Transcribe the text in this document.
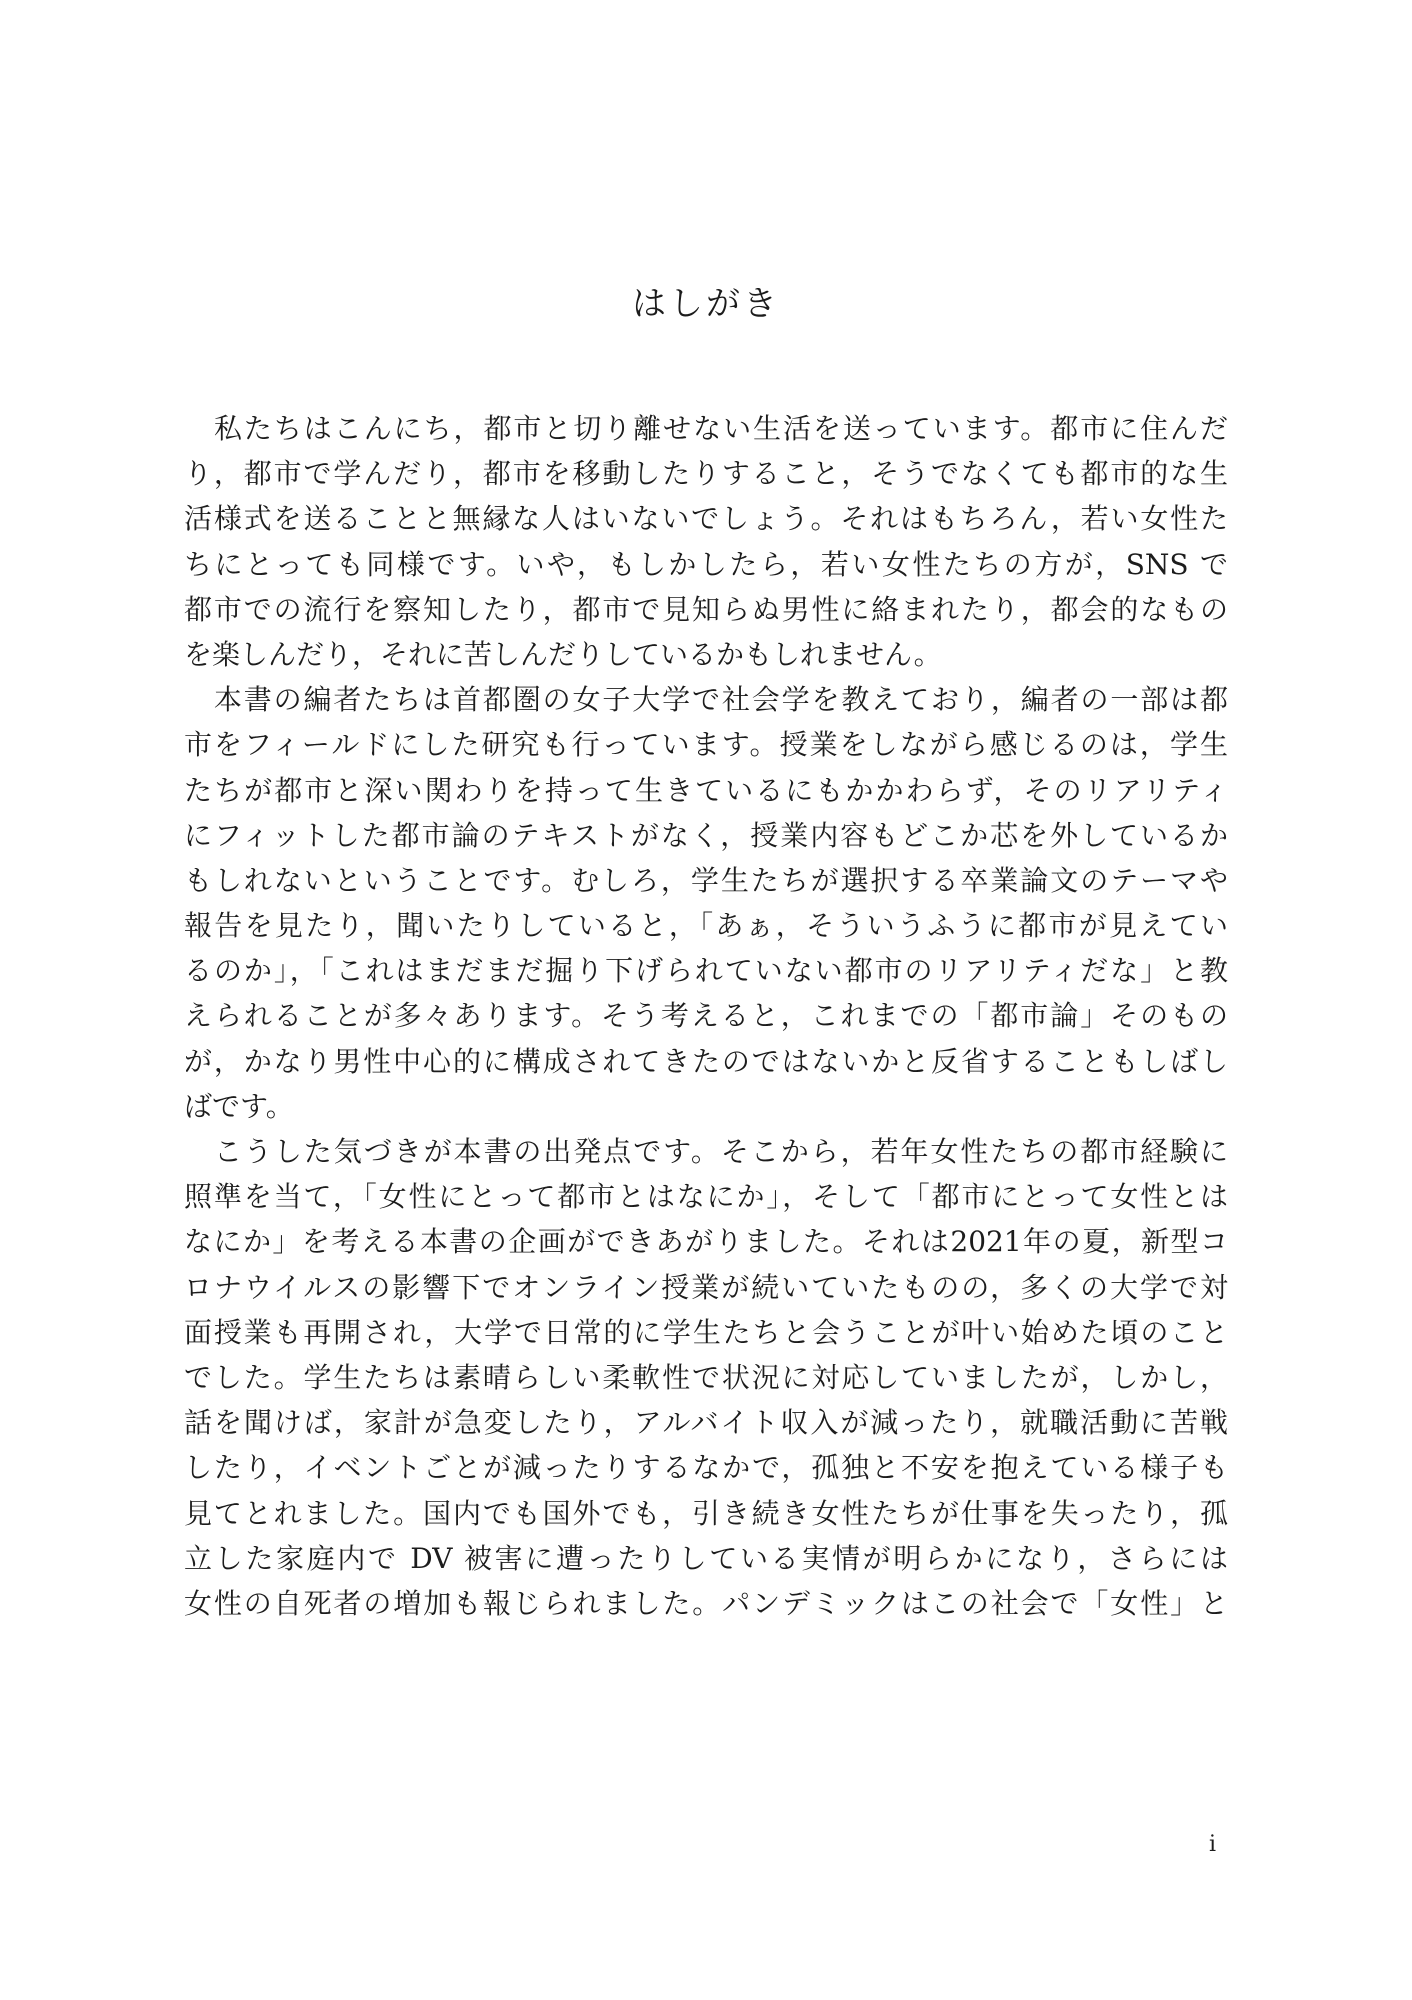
はしがき
　私たちはこんにち，都市と切り離せない生活を送っています。都市に住んだ
り，都市で学んだり，都市を移動したりすること，そうでなくても都市的な生
活様式を送ることと無縁な人はいないでしょう。それはもちろん，若い女性た
ちにとっても同様です。いや，もしかしたら，若い女性たちの方が，SNS で
都市での流行を察知したり，都市で見知らぬ男性に絡まれたり，都会的なもの
を楽しんだり，それに苦しんだりしているかもしれません。
　本書の編者たちは首都圏の女子大学で社会学を教えており，編者の一部は都
市をフィールドにした研究も行っています。授業をしながら感じるのは，学生
たちが都市と深い関わりを持って生きているにもかかわらず，そのリアリティ
にフィットした都市論のテキストがなく，授業内容もどこか芯を外しているか
もしれないということです。むしろ，学生たちが選択する卒業論文のテーマや
報告を見たり，聞いたりしていると，「あぁ，そういうふうに都市が見えてい
るのか」，「これはまだまだ掘り下げられていない都市のリアリティだな」と教
えられることが多々あります。そう考えると，これまでの「都市論」そのもの
が，かなり男性中心的に構成されてきたのではないかと反省することもしばし
ばです。
　こうした気づきが本書の出発点です。そこから，若年女性たちの都市経験に
照準を当て，「女性にとって都市とはなにか」，そして「都市にとって女性とは
なにか」を考える本書の企画ができあがりました。それは2021年の夏，新型コ
ロナウイルスの影響下でオンライン授業が続いていたものの，多くの大学で対
面授業も再開され，大学で日常的に学生たちと会うことが叶い始めた頃のこと
でした。学生たちは素晴らしい柔軟性で状況に対応していましたが，しかし，
話を聞けば，家計が急変したり，アルバイト収入が減ったり，就職活動に苦戦
したり，イベントごとが減ったりするなかで，孤独と不安を抱えている様子も
見てとれました。国内でも国外でも，引き続き女性たちが仕事を失ったり，孤
立した家庭内で DV 被害に遭ったりしている実情が明らかになり，さらには
女性の自死者の増加も報じられました。パンデミックはこの社会で「女性」と
i
